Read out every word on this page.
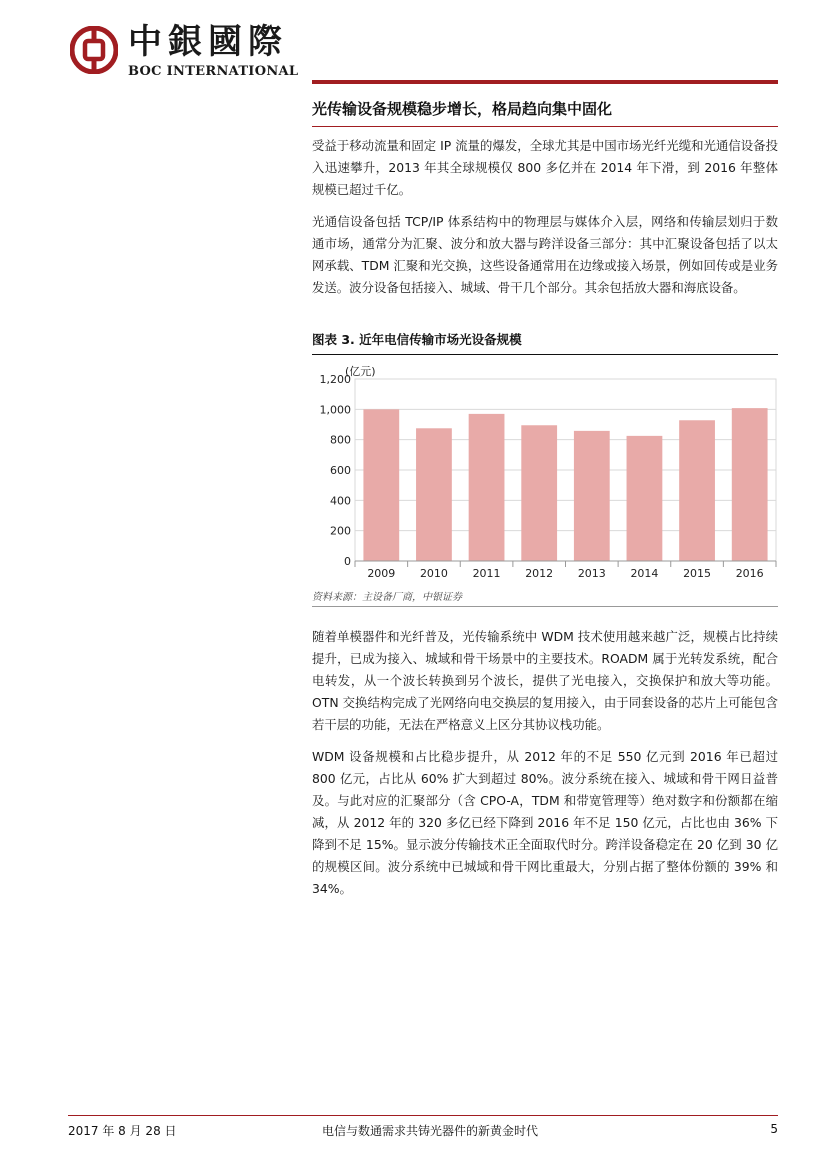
中銀國際
BOC INTERNATIONAL
光传输设备规模稳步增长，格局趋向集中固化

受益于移动流量和固定 IP 流量的爆发，全球尤其是中国市场光纤光缆和光通信设备投入迅速攀升，2013 年其全球规模仅 800 多亿并在 2014 年下滑，到 2016 年整体规模已超过千亿。

光通信设备包括 TCP/IP 体系结构中的物理层与媒体介入层，网络和传输层划归于数通市场，通常分为汇聚、波分和放大器与跨洋设备三部分：其中汇聚设备包括了以太网承载、TDM 汇聚和光交换，这些设备通常用在边缘或接入场景，例如回传或是业务发送。波分设备包括接入、城域、骨干几个部分。其余包括放大器和海底设备。

图表 3. 近年电信传输市场光设备规模
0
200
400
600
800
1,000
1,200
2009 2010 2011 2012 2013 2014 2015 2016
(亿元)
资料来源：主设备厂商，中银证券

随着单模器件和光纤普及，光传输系统中 WDM 技术使用越来越广泛，规模占比持续提升，已成为接入、城域和骨干场景中的主要技术。ROADM 属于光转发系统，配合电转发，从一个波长转换到另个波长，提供了光电接入，交换保护和放大等功能。OTN 交换结构完成了光网络向电交换层的复用接入，由于同套设备的芯片上可能包含若干层的功能，无法在严格意义上区分其协议栈功能。

WDM 设备规模和占比稳步提升，从 2012 年的不足 550 亿元到 2016 年已超过 800 亿元，占比从 60% 扩大到超过 80%。波分系统在接入、城域和骨干网日益普及。与此对应的汇聚部分（含 CPO-A，TDM 和带宽管理等）绝对数字和份额都在缩减，从 2012 年的 320 多亿已经下降到 2016 年不足 150 亿元，占比也由 36% 下降到不足 15%。显示波分传输技术正全面取代时分。跨洋设备稳定在 20 亿到 30 亿的规模区间。波分系统中已城域和骨干网比重最大，分别占据了整体份额的 39% 和 34%。

2017 年 8 月 28 日	电信与数通需求共铸光器件的新黄金时代	5
